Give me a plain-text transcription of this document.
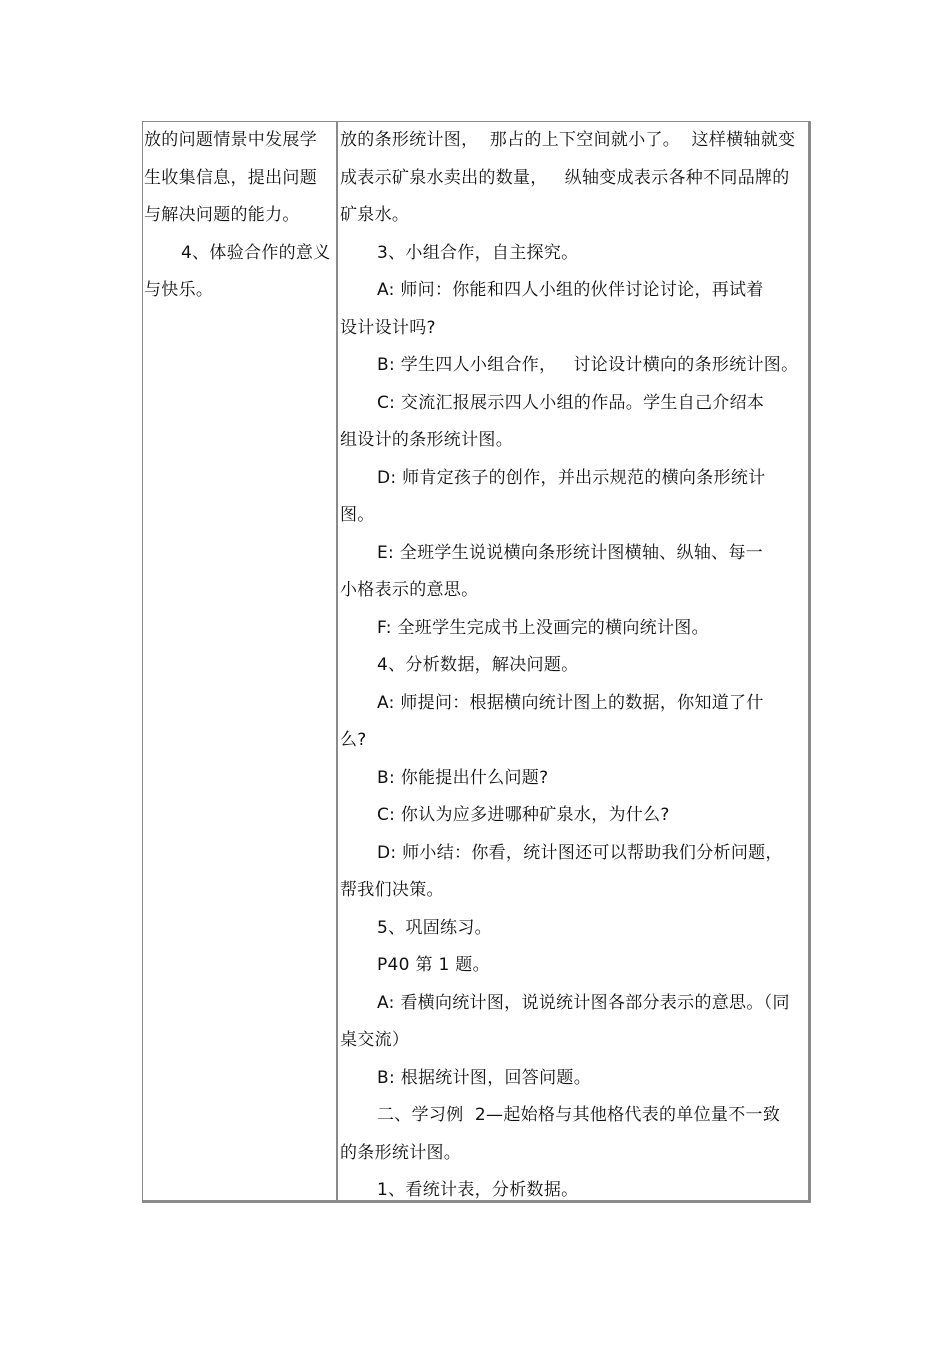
放的问题情景中发展学
生收集信息，提出问题
与解决问题的能力。
4、体验合作的意义
与快乐。
放的条形统计图，  那占的上下空间就小了。  这样横轴就变
成表示矿泉水卖出的数量，   纵轴变成表示各种不同品牌的
矿泉水。
3、小组合作，自主探究。
A: 师问：你能和四人小组的伙伴讨论讨论，再试着
设计设计吗?
B: 学生四人小组合作，   讨论设计横向的条形统计图。
C: 交流汇报展示四人小组的作品。学生自己介绍本
组设计的条形统计图。
D: 师肯定孩子的创作，并出示规范的横向条形统计
图。
E: 全班学生说说横向条形统计图横轴、纵轴、每一
小格表示的意思。
F: 全班学生完成书上没画完的横向统计图。
4、分析数据，解决问题。
A: 师提问：根据横向统计图上的数据，你知道了什
么?
B: 你能提出什么问题?
C: 你认为应多进哪种矿泉水，为什么?
D: 师小结：你看，统计图还可以帮助我们分析问题，
帮我们决策。
5、巩固练习。
P40 第 1 题。
A: 看横向统计图，说说统计图各部分表示的意思。（同
桌交流）
B: 根据统计图，回答问题。
二、学习例  2—起始格与其他格代表的单位量不一致
的条形统计图。
1、看统计表，分析数据。
